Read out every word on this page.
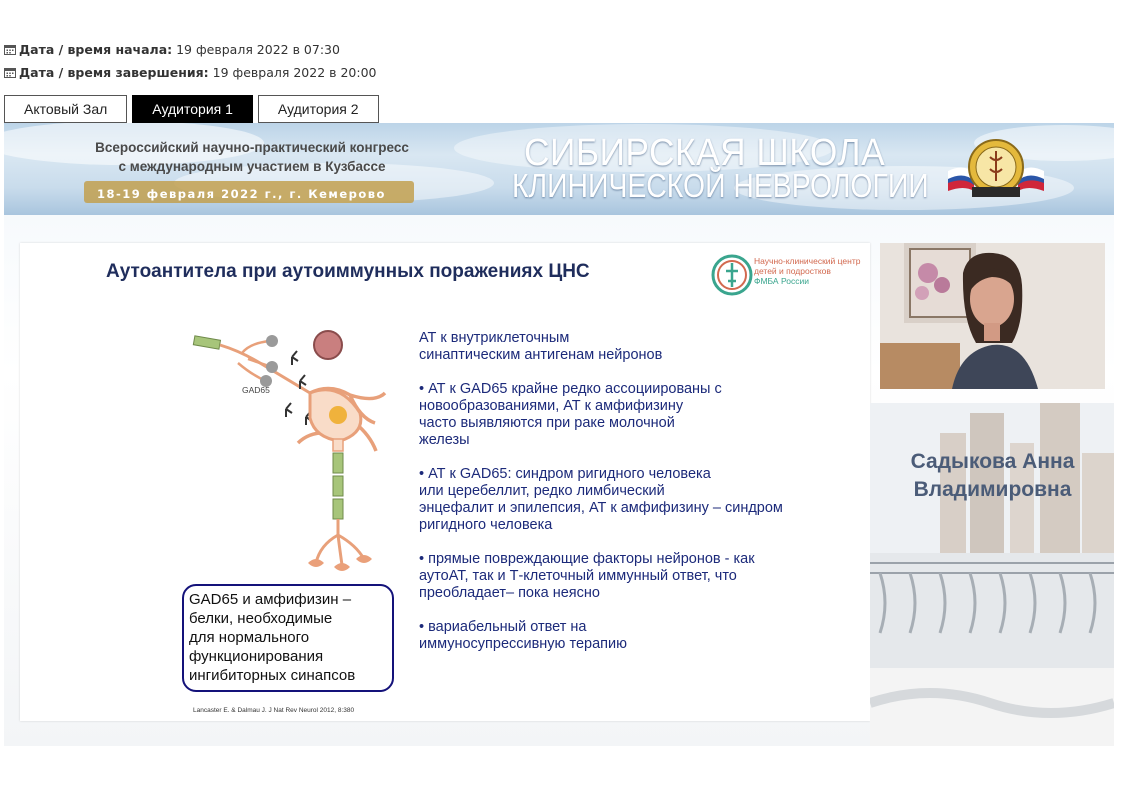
Дата / время начала: 19 февраля 2022 в 07:30
Дата / время завершения: 19 февраля 2022 в 20:00
Актовый Зал	Аудитория 1	Аудитория 2
Всероссийский научно-практический конгресс
с международным участием в Кузбассе
18-19 февраля 2022 г., г. Кемерово
СИБИРСКАЯ ШКОЛА
КЛИНИЧЕСКОЙ НЕВРОЛОГИИ
Аутоантитела при аутоиммунных поражениях ЦНС	Научно-клинический центр
детей и подростков
ФМБА России
GAD65
GAD65 и амфифизин –
белки, необходимые
для нормального
функционирования
ингибиторных синапсов
Lancaster E. & Dalmau J. J Nat Rev Neurol 2012, 8:380
АТ к внутриклеточным
синаптическим антигенам нейронов
• АТ к GAD65 крайне редко ассоциированы с
новообразованиями, АТ к амфифизину
часто выявляются при раке молочной
железы
• АТ к GAD65: синдром ригидного человека
или церебеллит, редко лимбический
энцефалит и эпилепсия, АТ к амфифизину – синдром
ригидного человека
• прямые повреждающие факторы нейронов - как
аутоАТ, так и Т-клеточный иммунный ответ, что
преобладает– пока неясно
• вариабельный ответ на
иммуносупрессивную терапию
Садыкова Анна
Владимировна
